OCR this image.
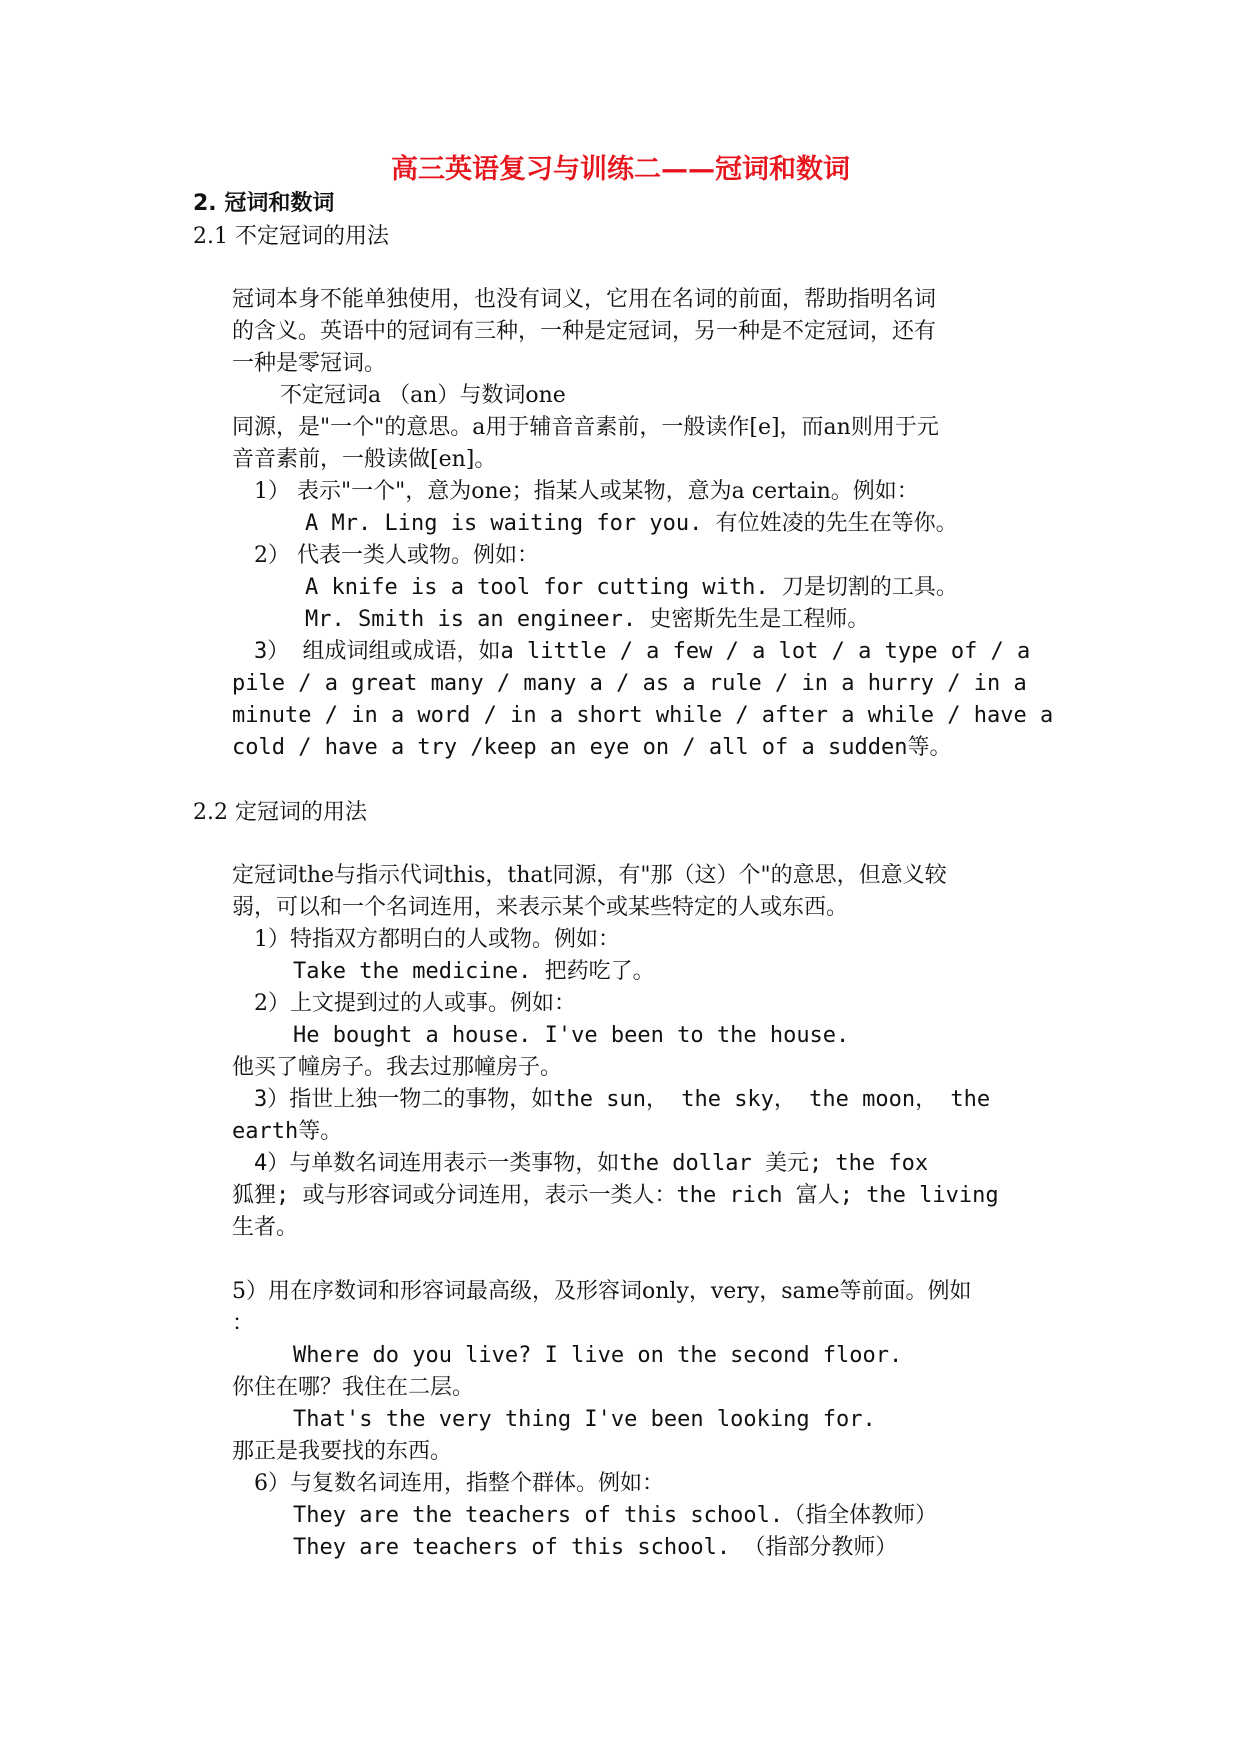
高三英语复习与训练二——冠词和数词
2. 冠词和数词
2.1 不定冠词的用法
冠词本身不能单独使用，也没有词义，它用在名词的前面，帮助指明名词
的含义。英语中的冠词有三种，一种是定冠词，另一种是不定冠词，还有
一种是零冠词。
不定冠词a （an）与数词one
同源，是"一个"的意思。a用于辅音音素前，一般读作[e]，而an则用于元
音音素前，一般读做[en]。
1） 表示"一个"，意为one；指某人或某物，意为a certain。例如：
A Mr. Ling is waiting for you. 有位姓凌的先生在等你。
2） 代表一类人或物。例如：
A knife is a tool for cutting with. 刀是切割的工具。
Mr. Smith is an engineer. 史密斯先生是工程师。
3） 组成词组或成语，如a little / a few / a lot / a type of / a
pile / a great many / many a / as a rule / in a hurry / in a
minute / in a word / in a short while / after a while / have a
cold / have a try /keep an eye on / all of a sudden等。
2.2 定冠词的用法
定冠词the与指示代词this，that同源，有"那（这）个"的意思，但意义较
弱，可以和一个名词连用，来表示某个或某些特定的人或东西。
1）特指双方都明白的人或物。例如：
Take the medicine. 把药吃了。
2）上文提到过的人或事。例如：
He bought a house. I've been to the house.
他买了幢房子。我去过那幢房子。
3）指世上独一物二的事物，如the sun， the sky， the moon， the
earth等。
4）与单数名词连用表示一类事物，如the dollar 美元; the fox
狐狸; 或与形容词或分词连用，表示一类人：the rich 富人; the living
生者。
5）用在序数词和形容词最高级，及形容词only，very，same等前面。例如
：
Where do you live? I live on the second floor.
你住在哪？我住在二层。
That's the very thing I've been looking for.
那正是我要找的东西。
6）与复数名词连用，指整个群体。例如：
They are the teachers of this school.（指全体教师）
They are teachers of this school. （指部分教师）
